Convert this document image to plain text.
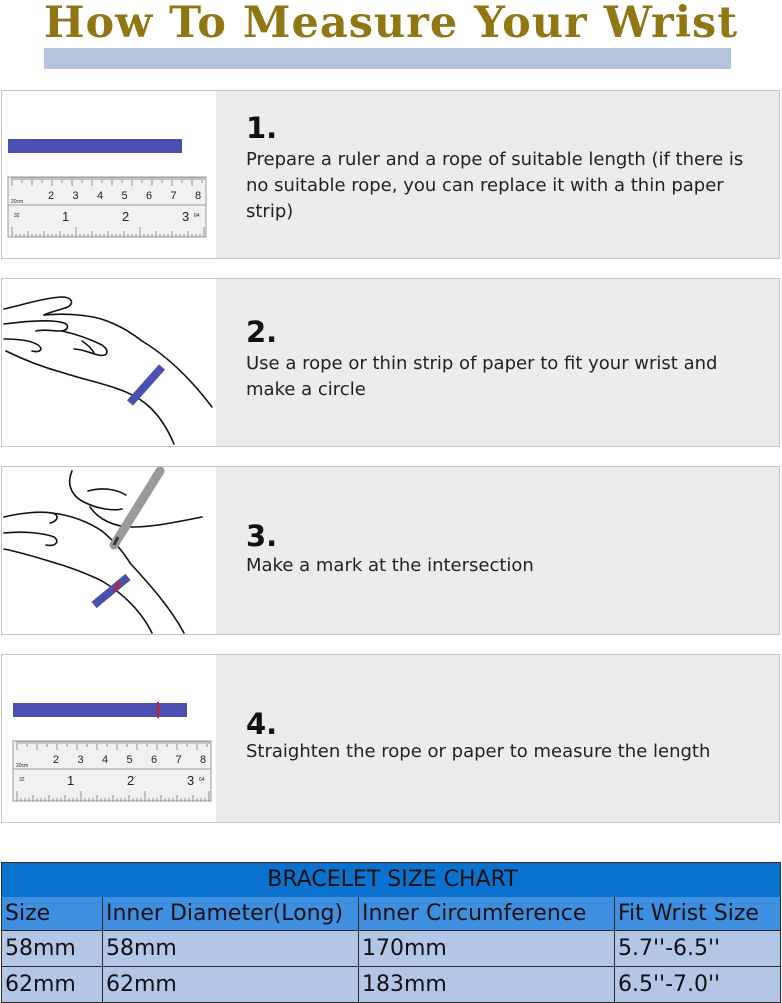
How To Measure Your Wrist
2 3 4 5 6 7 8
20cm
32	64
1	2	3
1.
Prepare a ruler and a rope of suitable length (if there is no suitable rope, you can replace it with a thin paper strip)
2.
Use a rope or thin strip of paper to fit your wrist and make a circle
3.
Make a mark at the intersection
2 3 4 5 6 7 8
20cm
32	64
1	2	3
4.
Straighten the rope or paper to measure the length
BRACELET SIZE CHART			
Size	Inner Diameter(Long)	Inner Circumference	Fit Wrist Size
58mm	58mm	170mm	5.7''-6.5''
62mm	62mm	183mm	6.5''-7.0''
